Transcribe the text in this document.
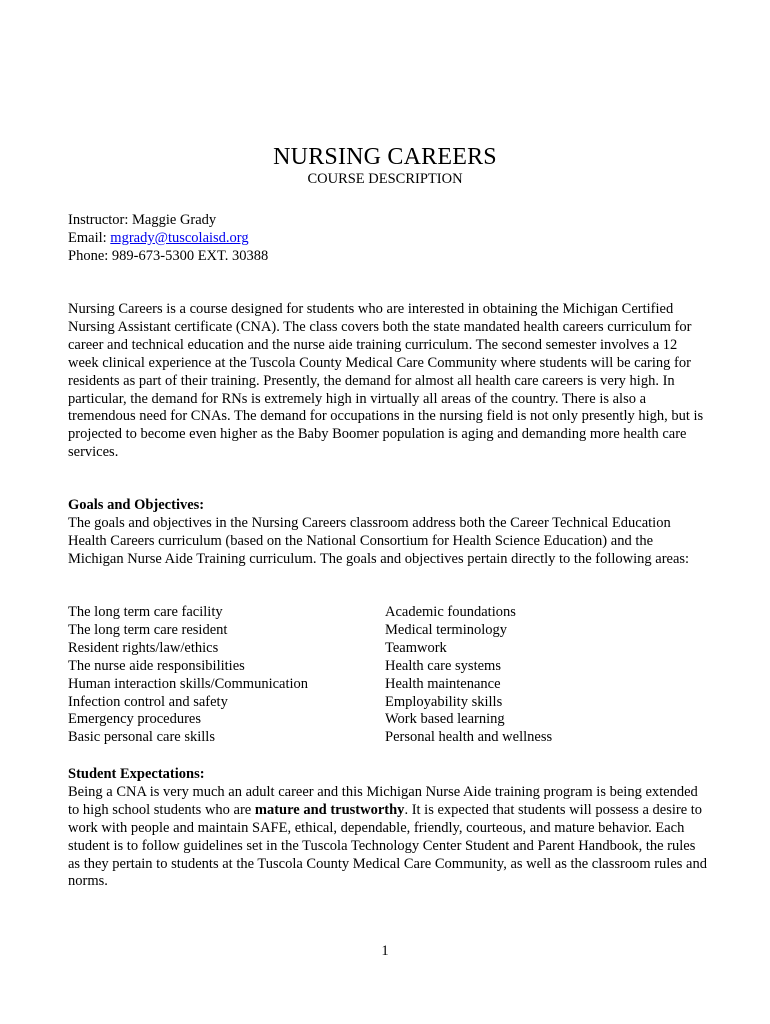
NURSING CAREERS
COURSE DESCRIPTION
Instructor: Maggie Grady
Email: mgrady@tuscolaisd.org
Phone: 989-673-5300 EXT. 30388

Nursing Careers is a course designed for students who are interested in obtaining the Michigan Certified Nursing Assistant certificate (CNA). The class covers both the state mandated health careers curriculum for career and technical education and the nurse aide training curriculum. The second semester involves a 12 week clinical experience at the Tuscola County Medical Care Community where students will be caring for residents as part of their training. Presently, the demand for almost all health care careers is very high. In particular, the demand for RNs is extremely high in virtually all areas of the country. There is also a tremendous need for CNAs. The demand for occupations in the nursing field is not only presently high, but is projected to become even higher as the Baby Boomer population is aging and demanding more health care services.

Goals and Objectives:

The goals and objectives in the Nursing Careers classroom address both the Career Technical Education Health Careers curriculum (based on the National Consortium for Health Science Education) and the Michigan Nurse Aide Training curriculum. The goals and objectives pertain directly to the following areas:

The long term care facility
The long term care resident
Resident rights/law/ethics
The nurse aide responsibilities
Human interaction skills/Communication
Infection control and safety
Emergency procedures
Basic personal care skills
Academic foundations
Medical terminology
Teamwork
Health care systems
Health maintenance
Employability skills
Work based learning
Personal health and wellness
Student Expectations:

Being a CNA is very much an adult career and this Michigan Nurse Aide training program is being extended to high school students who are mature and trustworthy. It is expected that students will possess a desire to work with people and maintain SAFE, ethical, dependable, friendly, courteous, and mature behavior. Each student is to follow guidelines set in the Tuscola Technology Center Student and Parent Handbook, the rules as they pertain to students at the Tuscola County Medical Care Community, as well as the classroom rules and norms.

1
